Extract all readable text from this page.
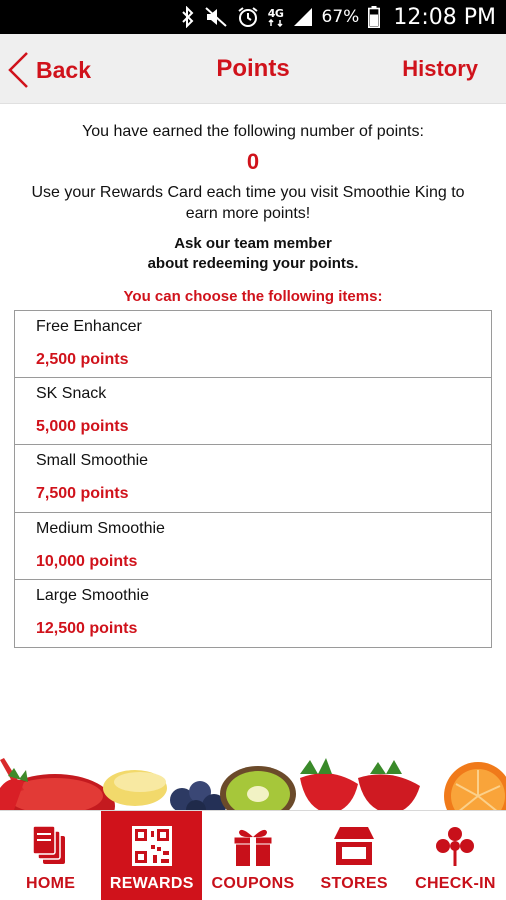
4G 67% 12:08 PM
Back	Points	History
You have earned the following number of points:
0
Use your Rewards Card each time you visit Smoothie King to
earn more points!
Ask our team member
about redeeming your points.
You can choose the following items:
Free Enhancer
2,500 points
SK Snack
5,000 points
Small Smoothie
7,500 points
Medium Smoothie
10,000 points
Large Smoothie
12,500 points
HOME REWARDS
$
COUPONS STORES CHECK-IN
